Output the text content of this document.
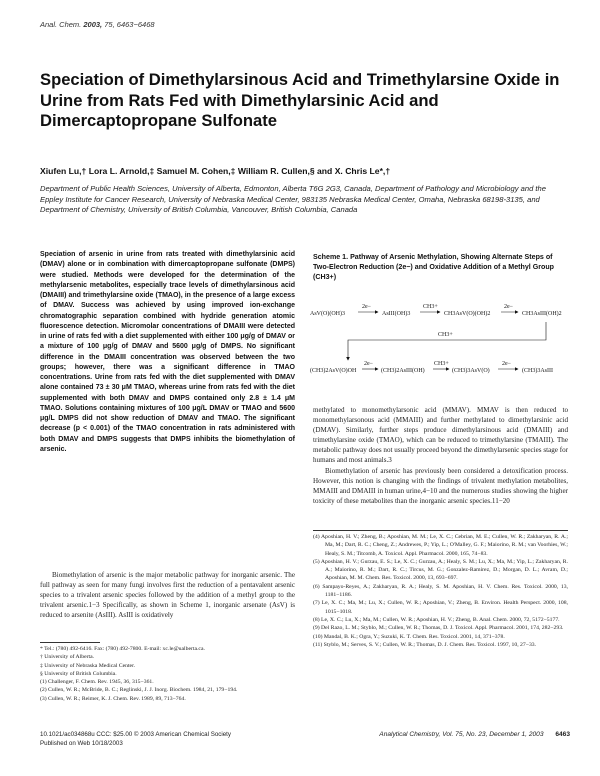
Anal. Chem. 2003, 75, 6463−6468
Speciation of Dimethylarsinous Acid and Trimethylarsine Oxide in Urine from Rats Fed with Dimethylarsinic Acid and Dimercaptopropane Sulfonate
Xiufen Lu,† Lora L. Arnold,‡ Samuel M. Cohen,‡ William R. Cullen,§ and X. Chris Le*,†
Department of Public Health Sciences, University of Alberta, Edmonton, Alberta T6G 2G3, Canada, Department of Pathology and Microbiology and the Eppley Institute for Cancer Research, University of Nebraska Medical Center, 983135 Nebraska Medical Center, Omaha, Nebraska 68198-3135, and Department of Chemistry, University of British Columbia, Vancouver, British Columbia, Canada
Speciation of arsenic in urine from rats treated with dimethylarsinic acid (DMAV) alone or in combination with dimercaptopropane sulfonate (DMPS) were studied. Methods were developed for the determination of the methylarsenic metabolites, especially trace levels of dimethylarsinous acid (DMAIII) and trimethylarsine oxide (TMAO), in the presence of a large excess of DMAV. Success was achieved by using improved ion-exchange chromatographic separation combined with hydride generation atomic fluorescence detection. Micromolar concentrations of DMAIII were detected in urine of rats fed with a diet supplemented with either 100 μg/g of DMAV or a mixture of 100 μg/g of DMAV and 5600 μg/g of DMPS. No significant difference in the DMAIII concentration was observed between the two groups; however, there was a significant difference in TMAO concentrations. Urine from rats fed with the diet supplemented with DMAV alone contained 73 ± 30 μM TMAO, whereas urine from rats fed with the diet supplemented with both DMAV and DMPS contained only 2.8 ± 1.4 μM TMAO. Solutions containing mixtures of 100 μg/L DMAV or TMAO and 5600 μg/L DMPS did not show reduction of DMAV and TMAO. The significant decrease (p < 0.001) of the TMAO concentration in rats administered with both DMAV and DMPS suggests that DMPS inhibits the biomethylation of arsenic.
Biomethylation of arsenic is the major metabolic pathway for inorganic arsenic. The full pathway as seen for many fungi involves first the reduction of a pentavalent arsenic species to a trivalent arsenic species followed by the addition of a methyl group to the trivalent arsenic.1−3 Specifically, as shown in Scheme 1, inorganic arsenate (AsV) is reduced to arsenite (AsIII). AsIII is oxidatively

* Tel.: (780) 492-6416. Fax: (780) 492-7800. E-mail: xc.le@ualberta.ca.

† University of Alberta.

‡ University of Nebraska Medical Center.

§ University of British Columbia.

(1) Challenger, F. Chem. Rev. 1945, 36, 315−361.

(2) Cullen, W. R.; McBride, B. C.; Reglinski, J. J. Inorg. Biochem. 1984, 21, 179−194.

(3) Cullen, W. R.; Reimer, K. J. Chem. Rev. 1989, 89, 713−764.

Scheme 1. Pathway of Arsenic Methylation, Showing Alternate Steps of Two-Electron Reduction (2e−) and Oxidative Addition of a Methyl Group (CH3+)
AsV(O)(OH)3
2e−
AsIII(OH)3
CH3+
CH3AsV(O)(OH)2
2e−
CH3AsIII(OH)2
CH3+
(CH3)2AsV(O)OH
2e−
(CH3)2AsIII(OH)
CH3+
(CH3)3AsV(O)
2e−
(CH3)3AsIII

methylated to monomethylarsonic acid (MMAV). MMAV is then reduced to monomethylarsonous acid (MMAIII) and further methylated to dimethylarsinic acid (DMAV). Similarly, further steps produce dimethylarsinous acid (DMAIII) and trimethylarsine oxide (TMAO), which can be reduced to trimethylarsine (TMAIII). The metabolic pathway does not usually proceed beyond the dimethylarsenic species stage for humans and most animals.3

Biomethylation of arsenic has previously been considered a detoxification process. However, this notion is changing with the findings of trivalent methylation metabolites, MMAIII and DMAIII in human urine,4−10 and the numerous studies showing the higher toxicity of these metabolites than the inorganic arsenic species.11−20

(4) Aposhian, H. V.; Zheng, B.; Aposhian, M. M.; Le, X. C.; Cebrian, M. E.; Cullen, W. R.; Zakharyan, R. A.; Ma, M.; Dart, R. C.; Cheng, Z.; Andrewes, P.; Yip, L.; O'Malley, G. F.; Maiorino, R. M.; van Voorhies, W.; Healy, S. M.; Titcomb, A. Toxicol. Appl. Pharmacol. 2000, 165, 74−83.

(5) Aposhian, H. V.; Gurzau, E. S.; Le, X. C.; Gurzau, A.; Healy, S. M.; Lu, X.; Ma, M.; Yip, L.; Zakharyan, R. A.; Maiorino, R. M.; Dart, R. C.; Tircus, M. G.; Gonzalez-Ramirez, D.; Morgan, D. L.; Avram, D.; Aposhian, M. M. Chem. Res. Toxicol. 2000, 13, 693−697.

(6) Sampayo-Reyes, A.; Zakharyan, R. A.; Healy, S. M. Aposhian, H. V. Chem. Res. Toxicol. 2000, 13, 1181−1186.

(7) Le, X. C.; Ma, M.; Lu, X.; Cullen, W. R.; Aposhian, V.; Zheng, B. Environ. Health Perspect. 2000, 108, 1015−1018.

(8) Le, X. C.; Lu, X.; Ma, M.; Cullen, W. R.; Aposhian, H. V.; Zheng, B. Anal. Chem. 2000, 72, 5172−5177.

(9) Del Razo, L. M.; Styblo, M.; Cullen, W. R.; Thomas, D. J. Toxicol. Appl. Pharmacol. 2001, 174, 282−293.

(10) Mandal, B. K.; Ogra, Y.; Suzuki, K. T. Chem. Res. Toxicol. 2001, 14, 371−378.

(11) Styblo, M.; Serves, S. V.; Cullen, W. R.; Thomas, D. J. Chem. Res. Toxicol. 1997, 10, 27−33.

10.1021/ac034868u CCC: $25.00 © 2003 American Chemical Society

Published on Web 10/18/2003

Analytical Chemistry, Vol. 75, No. 23, December 1, 2003 6463
